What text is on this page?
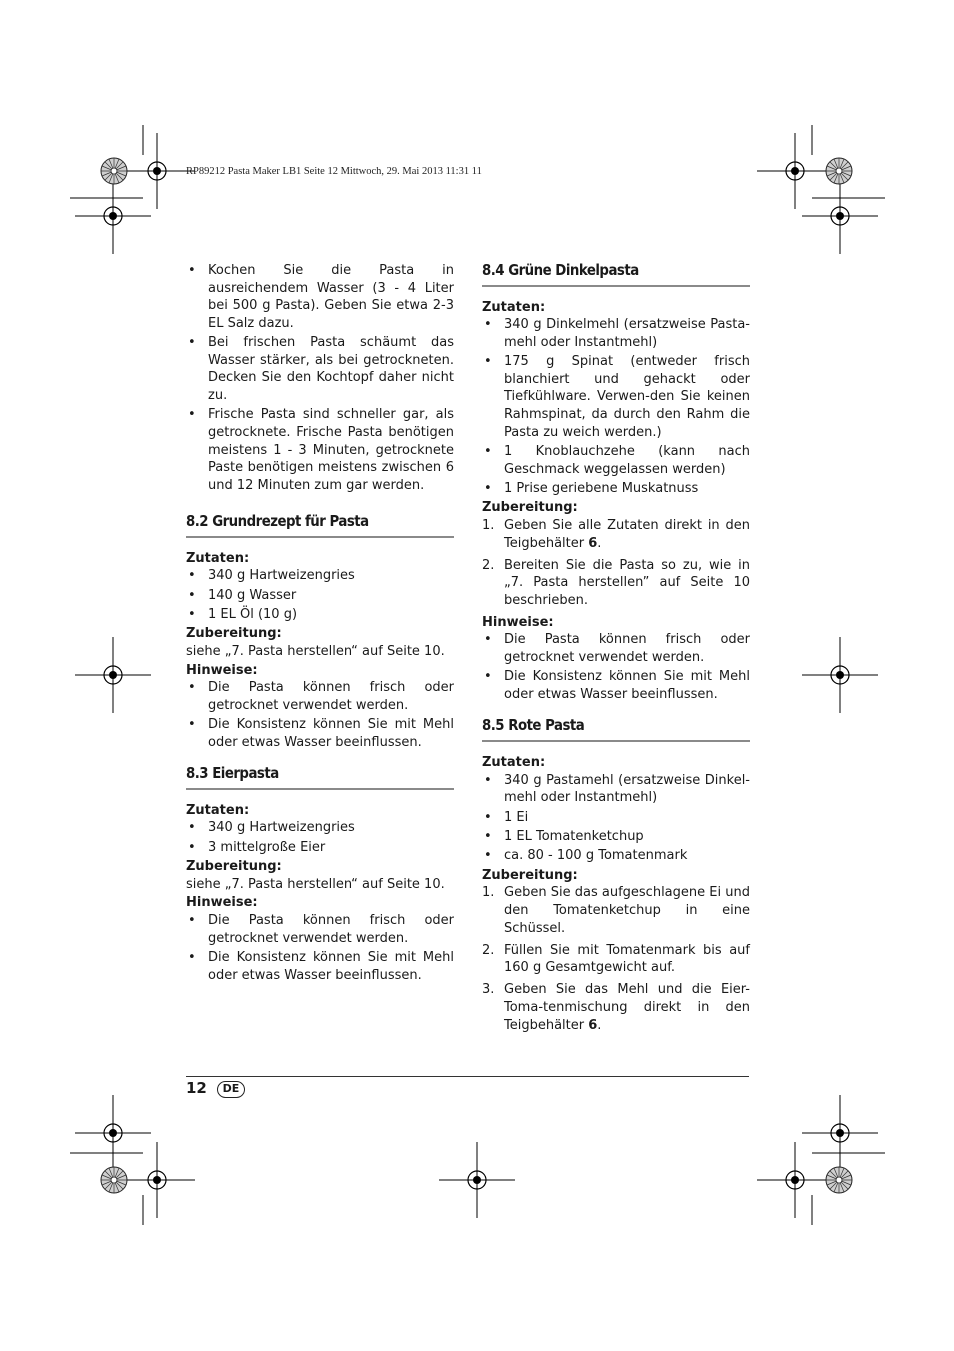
RP89212 Pasta Maker LB1 Seite 12 Mittwoch, 29. Mai 2013 11:31 11
• Kochen Sie die Pasta in ausreichendem Wasser (3 - 4 Liter bei 500 g Pasta). Geben Sie etwa 2-3 EL Salz dazu.
• Bei frischen Pasta schäumt das Wasser stärker, als bei getrockneten. Decken Sie den Kochtopf daher nicht zu.
• Frische Pasta sind schneller gar, als getrocknete. Frische Pasta benötigen meistens 1 - 3 Minuten, getrocknete Paste benötigen meistens zwischen 6 und 12 Minuten zum gar werden.
8.2 Grundrezept für Pasta
Zutaten:
• 340 g Hartweizengries
• 140 g Wasser
• 1 EL Öl (10 g)
Zubereitung:

siehe „7. Pasta herstellen“ auf Seite 10.

Hinweise:
• Die Pasta können frisch oder getrocknet verwendet werden.
• Die Konsistenz können Sie mit Mehl oder etwas Wasser beeinflussen.
8.3 Eierpasta
Zutaten:
• 340 g Hartweizengries
• 3 mittelgroße Eier
Zubereitung:

siehe „7. Pasta herstellen“ auf Seite 10.

Hinweise:
• Die Pasta können frisch oder getrocknet verwendet werden.
• Die Konsistenz können Sie mit Mehl oder etwas Wasser beeinflussen.
8.4 Grüne Dinkelpasta
Zutaten:
• 340 g Dinkelmehl (ersatzweise Pasta-mehl oder Instantmehl)
• 175 g Spinat (entweder frisch blanchiert und gehackt oder Tiefkühlware. Verwen-den Sie keinen Rahmspinat, da durch den Rahm die Pasta zu weich werden.)
• 1 Knoblauchzehe (kann nach Geschmack weggelassen werden)
• 1 Prise geriebene Muskatnuss
Zubereitung:
1. Geben Sie alle Zutaten direkt in den Teigbehälter 6.
2. Bereiten Sie die Pasta so zu, wie in „7. Pasta herstellen” auf Seite 10 beschrieben.
Hinweise:
• Die Pasta können frisch oder getrocknet verwendet werden.
• Die Konsistenz können Sie mit Mehl oder etwas Wasser beeinflussen.
8.5 Rote Pasta
Zutaten:
• 340 g Pastamehl (ersatzweise Dinkel-mehl oder Instantmehl)
• 1 Ei
• 1 EL Tomatenketchup
• ca. 80 - 100 g Tomatenmark
Zubereitung:
1. Geben Sie das aufgeschlagene Ei und den Tomatenketchup in eine Schüssel.
2. Füllen Sie mit Tomatenmark bis auf 160 g Gesamtgewicht auf.
3. Geben Sie das Mehl und die Eier-Toma-tenmischung direkt in den Teigbehälter 6.
12	DE
